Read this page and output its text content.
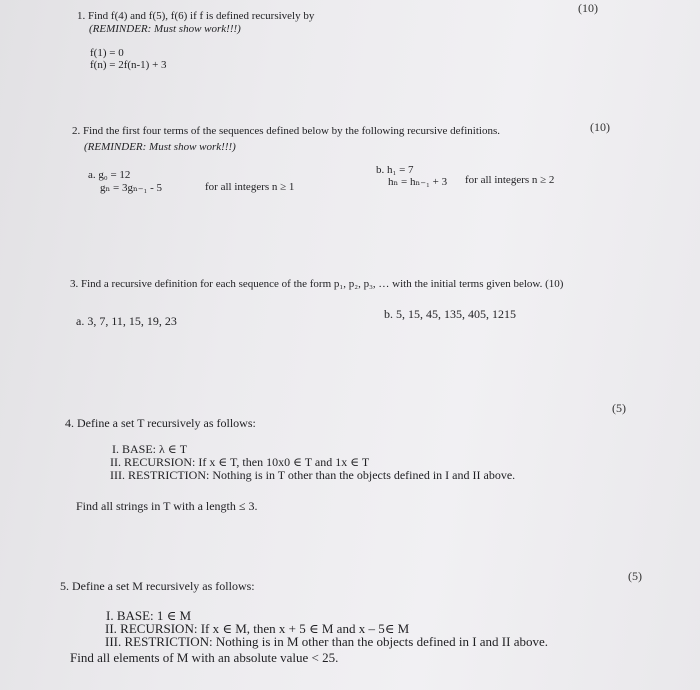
(10)
1. Find f(4) and f(5), f(6) if f is defined recursively by
(REMINDER: Must show work!!!)
f(1) = 0
f(n) = 2f(n-1) + 3
(10)
2. Find the first four terms of the sequences defined below by the following recursive definitions.
(REMINDER: Must show work!!!)
a. g₀ = 12
gₙ = 3gₙ₋₁ - 5	for all integers n ≥ 1
b. h₁ = 7
hₙ = hₙ₋₁ + 3 for all integers n ≥ 2
3. Find a recursive definition for each sequence of the form p₁, p₂, p₃, … with the initial terms given below. (10)
a. 3, 7, 11, 15, 19, 23	b. 5, 15, 45, 135, 405, 1215
(5)
4. Define a set T recursively as follows:
I. BASE: λ ∈ T
II. RECURSION: If x ∈ T, then 10x0 ∈ T and 1x ∈ T
III. RESTRICTION: Nothing is in T other than the objects defined in I and II above.
Find all strings in T with a length ≤ 3.
(5)
5. Define a set M recursively as follows:
I. BASE: 1 ∈ M
II. RECURSION: If x ∈ M, then x + 5 ∈ M and x – 5∈ M
III. RESTRICTION: Nothing is in M other than the objects defined in I and II above.
Find all elements of M with an absolute value < 25.
